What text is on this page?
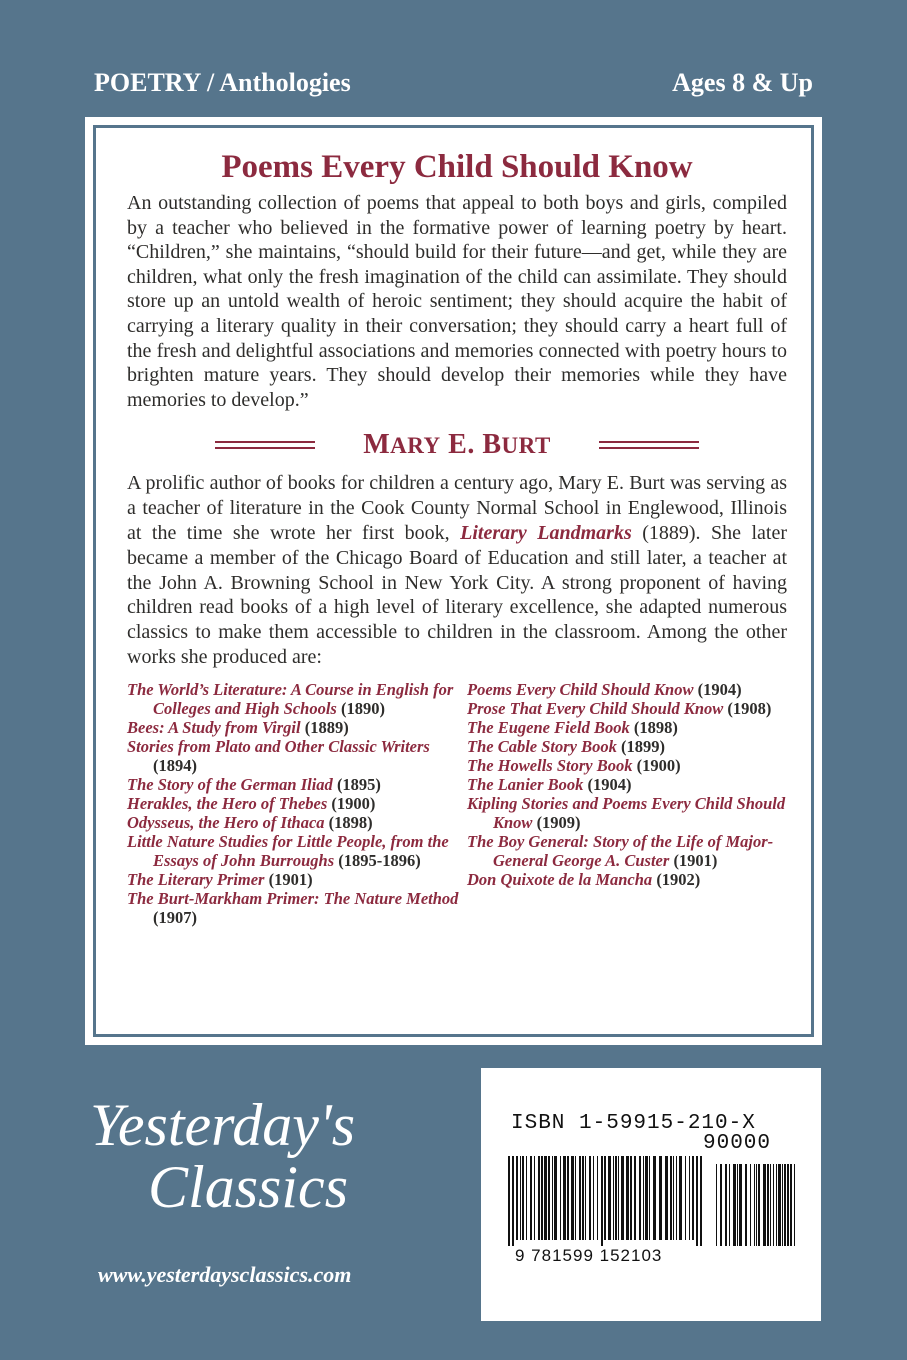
POETRY / Anthologies	Ages 8 & Up
Poems Every Child Should Know

An outstanding collection of poems that appeal to both boys and girls, compiled by a teacher who believed in the formative power of learning poetry by heart. “Children,” she maintains, “should build for their future—and get, while they are children, what only the fresh imagination of the child can assimilate. They should store up an untold wealth of heroic sentiment; they should acquire the habit of carrying a literary quality in their conversation; they should carry a heart full of the fresh and delightful associations and memories connected with poetry hours to brighten mature years. They should develop their memories while they have memories to develop.”

MARY E. BURT

A prolific author of books for children a century ago, Mary E. Burt was serving as a teacher of literature in the Cook County Normal School in Englewood, Illinois at the time she wrote her first book, Literary Landmarks (1889). She later became a member of the Chicago Board of Education and still later, a teacher at the John A. Browning School in New York City. A strong proponent of having children read books of a high level of literary excellence, she adapted numerous classics to make them accessible to children in the classroom. Among the other works she produced are:

The World’s Literature: A Course in English for Colleges and High Schools (1890)
Bees: A Study from Virgil (1889)
Stories from Plato and Other Classic Writers (1894)
The Story of the German Iliad (1895)
Herakles, the Hero of Thebes (1900)
Odysseus, the Hero of Ithaca (1898)
Little Nature Studies for Little People, from the Essays of John Burroughs (1895-1896)
The Literary Primer (1901)
The Burt-Markham Primer: The Nature Method (1907)
Poems Every Child Should Know (1904)
Prose That Every Child Should Know (1908)
The Eugene Field Book (1898)
The Cable Story Book (1899)
The Howells Story Book (1900)
The Lanier Book (1904)
Kipling Stories and Poems Every Child Should Know (1909)
The Boy General: Story of the Life of Major-General George A. Custer (1901)
Don Quixote de la Mancha (1902)
Yesterday's
Classics
www.yesterdaysclassics.com
ISBN 1-59915-210-X
90000
9 781599 152103
